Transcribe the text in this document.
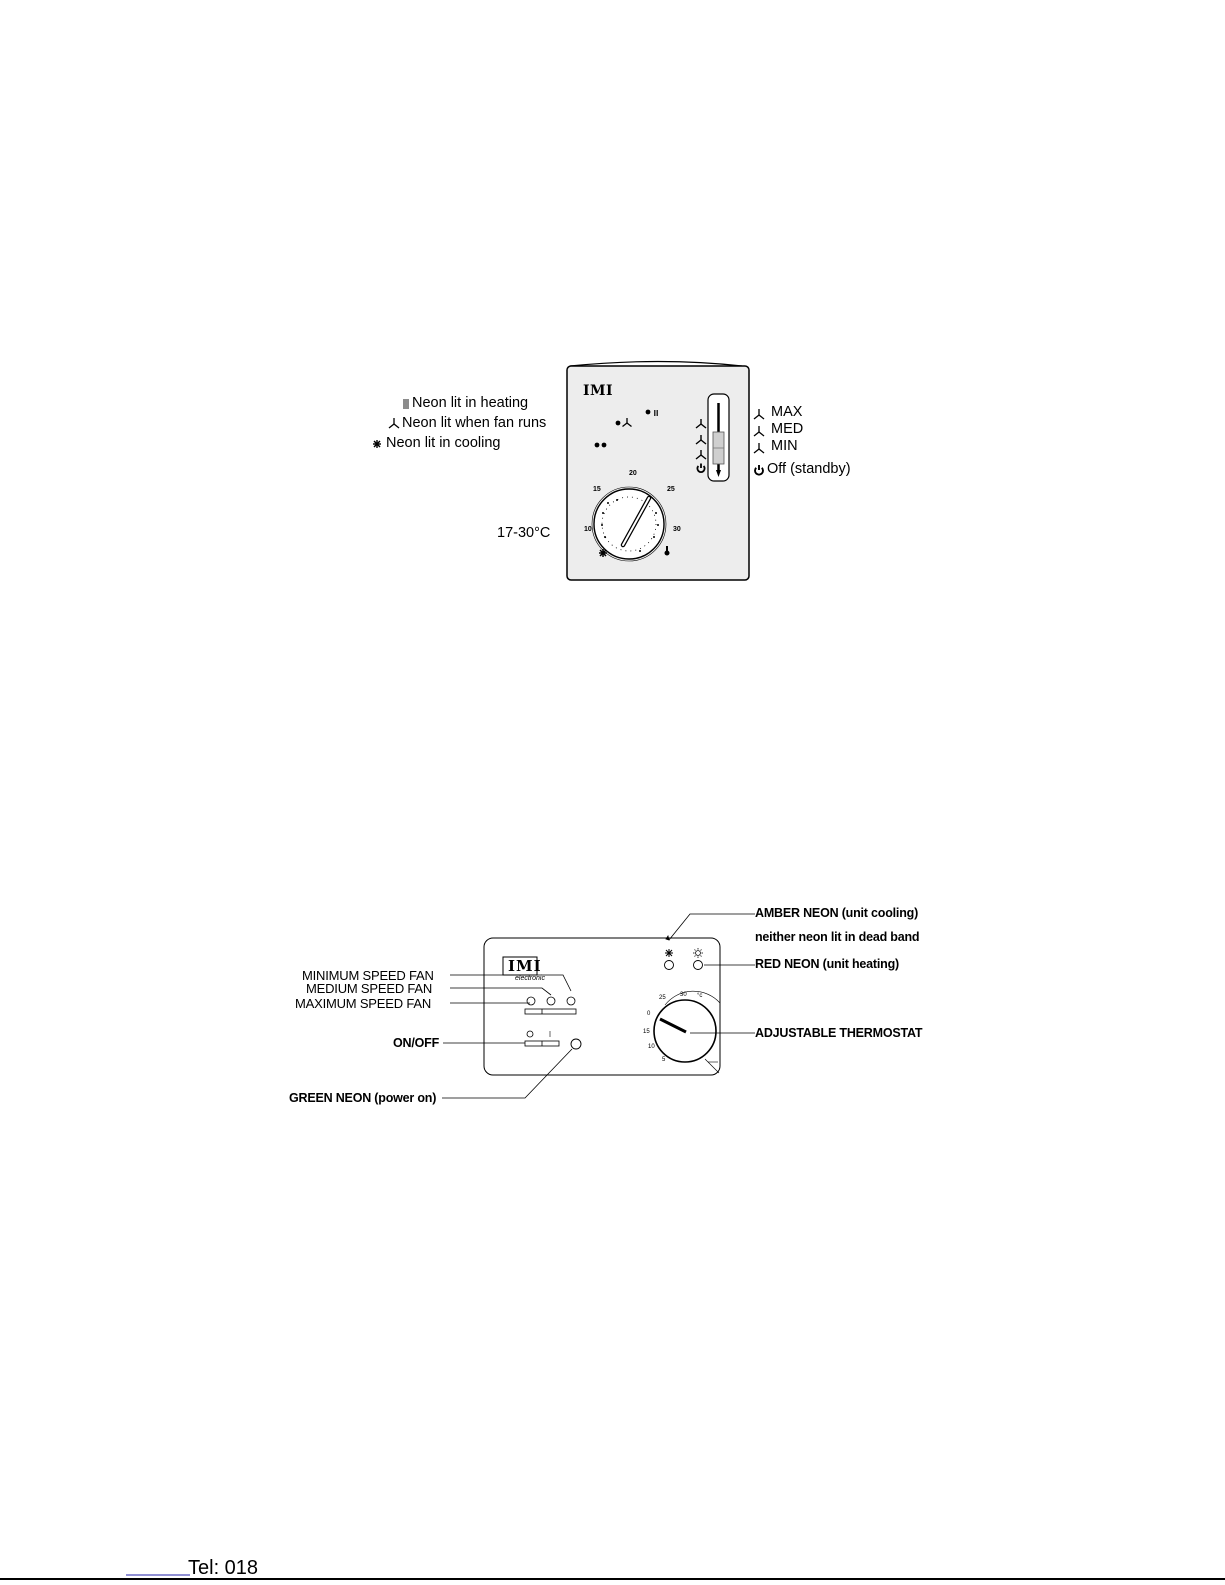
IMI
Neon lit in heating
Neon lit when fan runs
Neon lit in cooling
17-30°C
MAX
MED
MIN
Off (standby)
20
15	25
10	30
IMI
electronic
AMBER NEON (unit cooling)
neither neon lit in dead band
RED NEON (unit heating)
MINIMUM SPEED FAN
MEDIUM SPEED FAN
MAXIMUM SPEED FAN
ON/OFF
ADJUSTABLE THERMOSTAT
GREEN NEON (power on)
25 30 °c
0
15
10
5
Tel: 018
